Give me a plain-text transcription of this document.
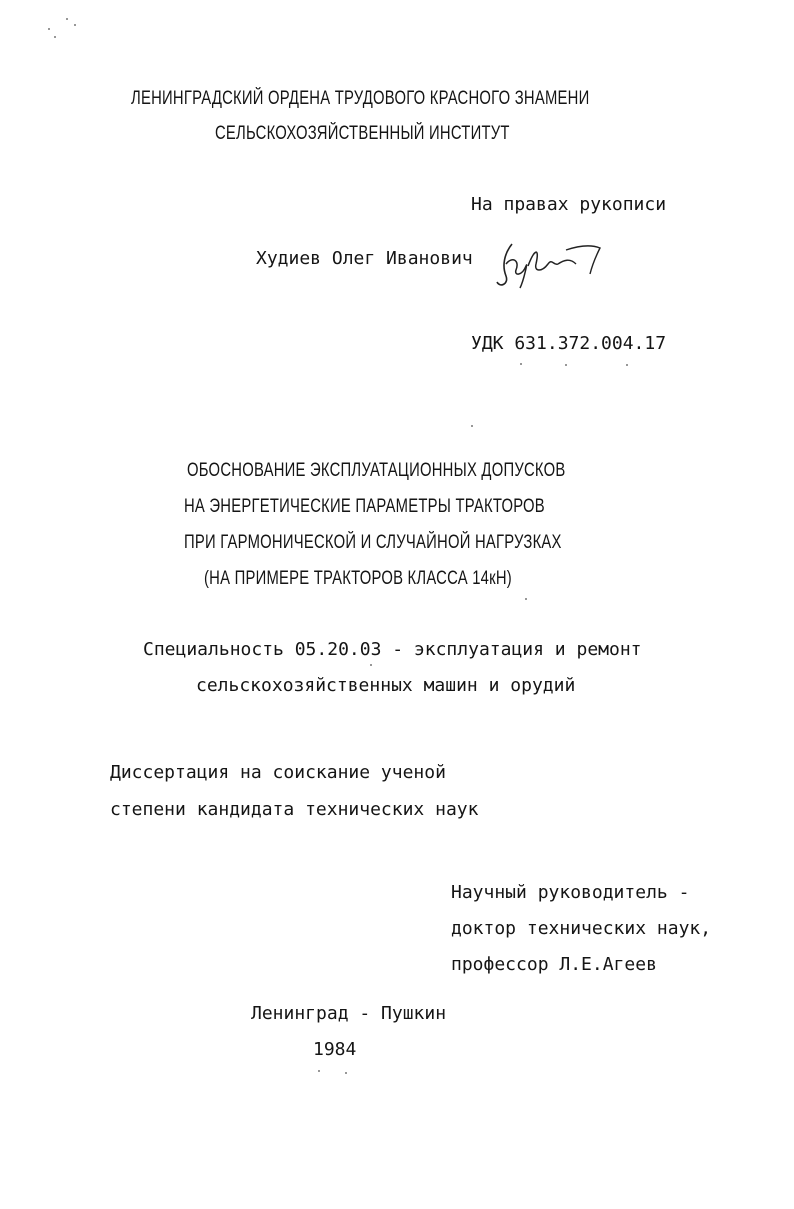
ЛЕНИНГРАДСКИЙ ОРДЕНА ТРУДОВОГО КРАСНОГО ЗНАМЕНИ
СЕЛЬСКОХОЗЯЙСТВЕННЫЙ ИНСТИТУТ
На правах рукописи
Худиев Олег Иванович
УДК 631.372.004.17
ОБОСНОВАНИЕ ЭКСПЛУАТАЦИОННЫХ ДОПУСКОВ
НА ЭНЕРГЕТИЧЕСКИЕ ПАРАМЕТРЫ ТРАКТОРОВ
ПРИ ГАРМОНИЧЕСКОЙ И СЛУЧАЙНОЙ НАГРУЗКАХ
(НА ПРИМЕРЕ ТРАКТОРОВ КЛАССА 14кН)
Специальность 05.20.03 - эксплуатация и ремонт
сельскохозяйственных машин и орудий
Диссертация на соискание ученой
степени кандидата технических наук
Научный руководитель -
доктор технических наук,
профессор Л.Е.Агеев
Ленинград - Пушкин
1984
